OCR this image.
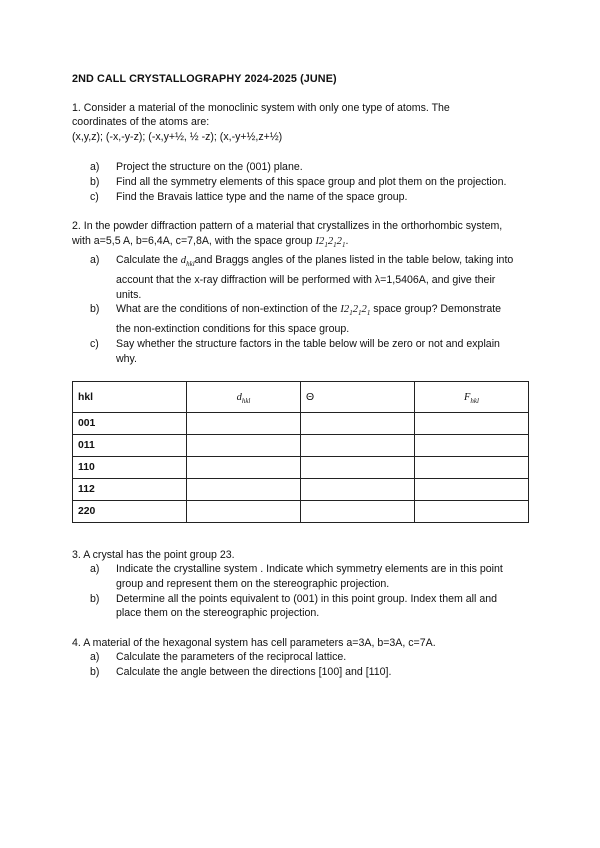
2ND CALL CRYSTALLOGRAPHY 2024-2025 (JUNE)
1. Consider a material of the monoclinic system with only one type of atoms. The
coordinates of the atoms are:
(x,y,z); (-x,-y-z); (-x,y+½, ½ -z); (x,-y+½,z+½)
a) Project the structure on the (001) plane.
b) Find all the symmetry elements of this space group and plot them on the projection.
c) Find the Bravais lattice type and the name of the space group.
2. In the powder diffraction pattern of a material that crystallizes in the orthorhombic system,
with a=5,5 A, b=6,4A, c=7,8A, with the space group $I2_12_12_1$.
a) Calculate the $d_{hkl}and$ Braggs angles of the planes listed in the table below, taking into
account that the x-ray diffraction will be performed with λ=1,5406A, and give their
units.
b) What are the conditions of non-extinction of the $I2_12_12_1$ space group? Demonstrate
the non-extinction conditions for this space group.
c) Say whether the structure factors in the table below will be zero or not and explain
why.
hkl	$d_{hkl}$	Θ	$F_{hkl}$
001			
011			
110			
112			
220			
3. A crystal has the point group 23.
a) Indicate the crystalline system . Indicate which symmetry elements are in this point
group and represent them on the stereographic projection.
b) Determine all the points equivalent to (001) in this point group. Index them all and
place them on the stereographic projection.
4. A material of the hexagonal system has cell parameters a=3A, b=3A, c=7A.
a) Calculate the parameters of the reciprocal lattice.
b) Calculate the angle between the directions [100] and [110].
